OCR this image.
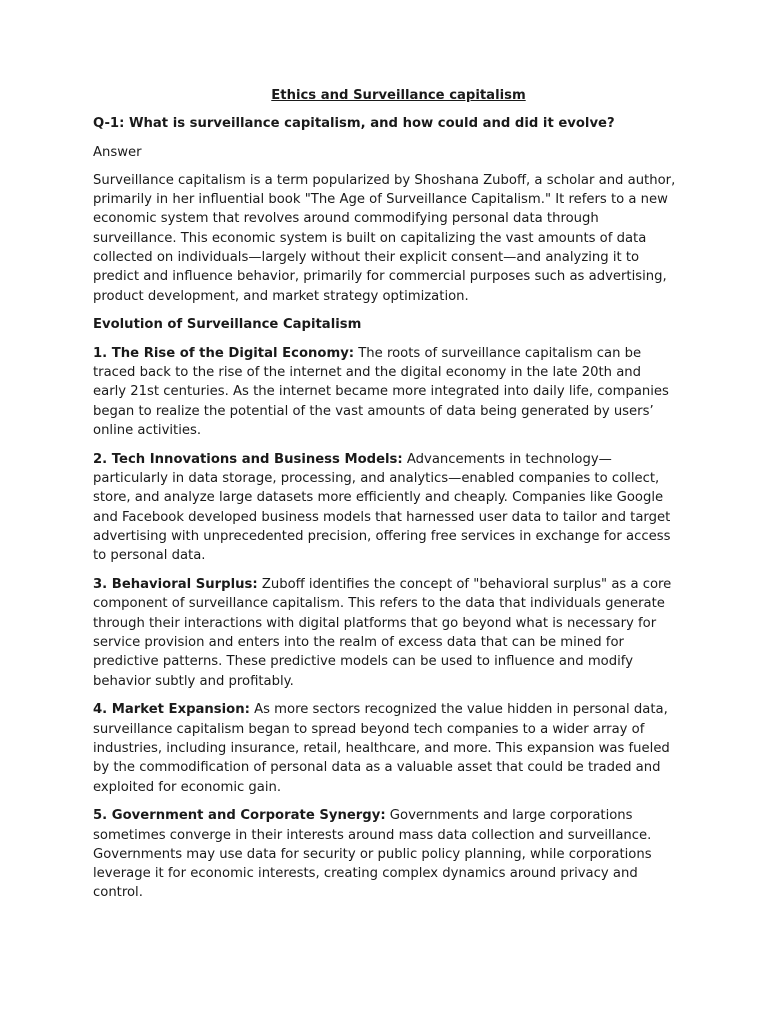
Ethics and Surveillance capitalism
Q-1: What is surveillance capitalism, and how could and did it evolve?
Answer

Surveillance capitalism is a term popularized by Shoshana Zuboff, a scholar and author, primarily in her influential book "The Age of Surveillance Capitalism." It refers to a new economic system that revolves around commodifying personal data through surveillance. This economic system is built on capitalizing the vast amounts of data collected on individuals—largely without their explicit consent—and analyzing it to predict and influence behavior, primarily for commercial purposes such as advertising, product development, and market strategy optimization.

Evolution of Surveillance Capitalism

1. The Rise of the Digital Economy: The roots of surveillance capitalism can be traced back to the rise of the internet and the digital economy in the late 20th and early 21st centuries. As the internet became more integrated into daily life, companies began to realize the potential of the vast amounts of data being generated by users’ online activities.

2. Tech Innovations and Business Models: Advancements in technology—particularly in data storage, processing, and analytics—enabled companies to collect, store, and analyze large datasets more efficiently and cheaply. Companies like Google and Facebook developed business models that harnessed user data to tailor and target advertising with unprecedented precision, offering free services in exchange for access to personal data.

3. Behavioral Surplus: Zuboff identifies the concept of "behavioral surplus" as a core component of surveillance capitalism. This refers to the data that individuals generate through their interactions with digital platforms that go beyond what is necessary for service provision and enters into the realm of excess data that can be mined for predictive patterns. These predictive models can be used to influence and modify behavior subtly and profitably.

4. Market Expansion: As more sectors recognized the value hidden in personal data, surveillance capitalism began to spread beyond tech companies to a wider array of industries, including insurance, retail, healthcare, and more. This expansion was fueled by the commodification of personal data as a valuable asset that could be traded and exploited for economic gain.

5. Government and Corporate Synergy: Governments and large corporations sometimes converge in their interests around mass data collection and surveillance. Governments may use data for security or public policy planning, while corporations leverage it for economic interests, creating complex dynamics around privacy and control.
